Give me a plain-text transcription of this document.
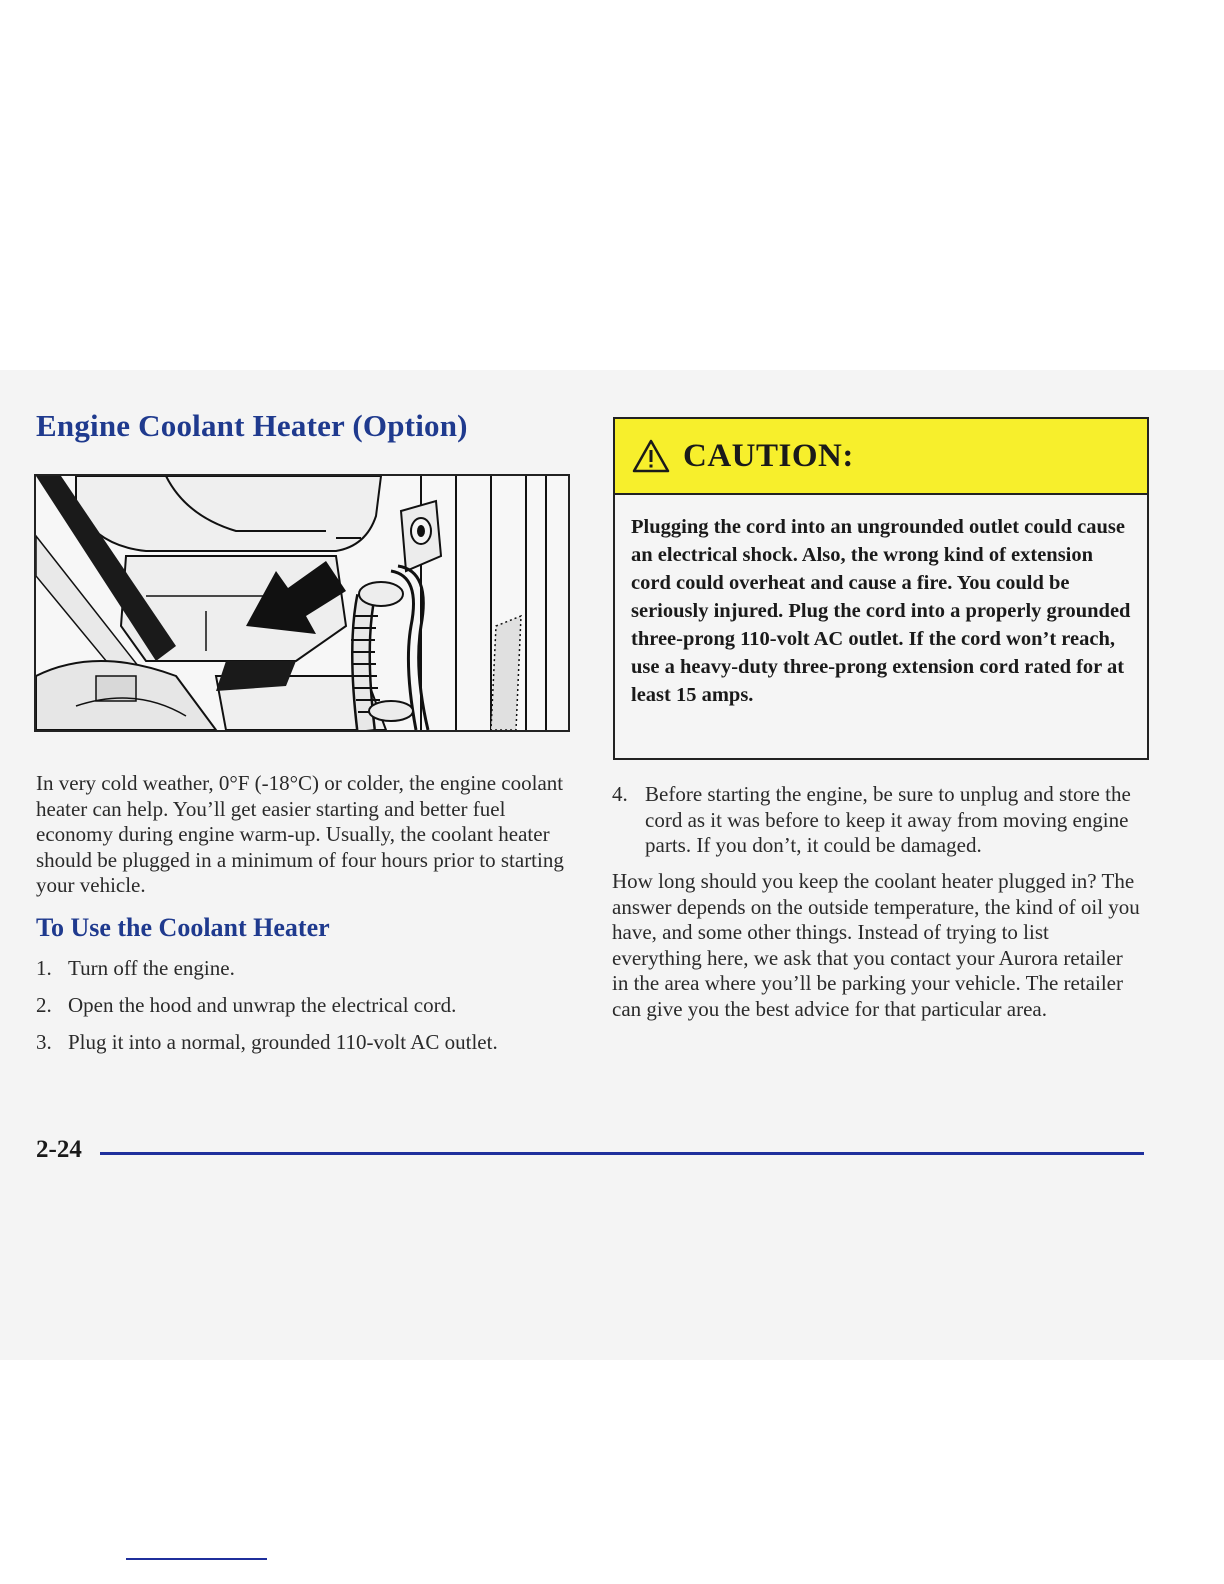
Engine Coolant Heater (Option)

In very cold weather, 0°F (-18°C) or colder, the engine coolant heater can help. You’ll get easier starting and better fuel economy during engine warm-up. Usually, the coolant heater should be plugged in a minimum of four hours prior to starting your vehicle.

To Use the Coolant Heater
1. Turn off the engine.
2. Open the hood and unwrap the electrical cord.
3. Plug it into a normal, grounded 110-volt AC outlet.
CAUTION:

Plugging the cord into an ungrounded outlet could cause an electrical shock. Also, the wrong kind of extension cord could overheat and cause a fire. You could be seriously injured. Plug the cord into a properly grounded three-prong 110-volt AC outlet. If the cord won’t reach, use a heavy-duty three-prong extension cord rated for at least 15 amps.

4. Before starting the engine, be sure to unplug and store the cord as it was before to keep it away from moving engine parts. If you don’t, it could be damaged.

How long should you keep the coolant heater plugged in? The answer depends on the outside temperature, the kind of oil you have, and some other things. Instead of trying to list everything here, we ask that you contact your Aurora retailer in the area where you’ll be parking your vehicle. The retailer can give you the best advice for that particular area.

2-24
